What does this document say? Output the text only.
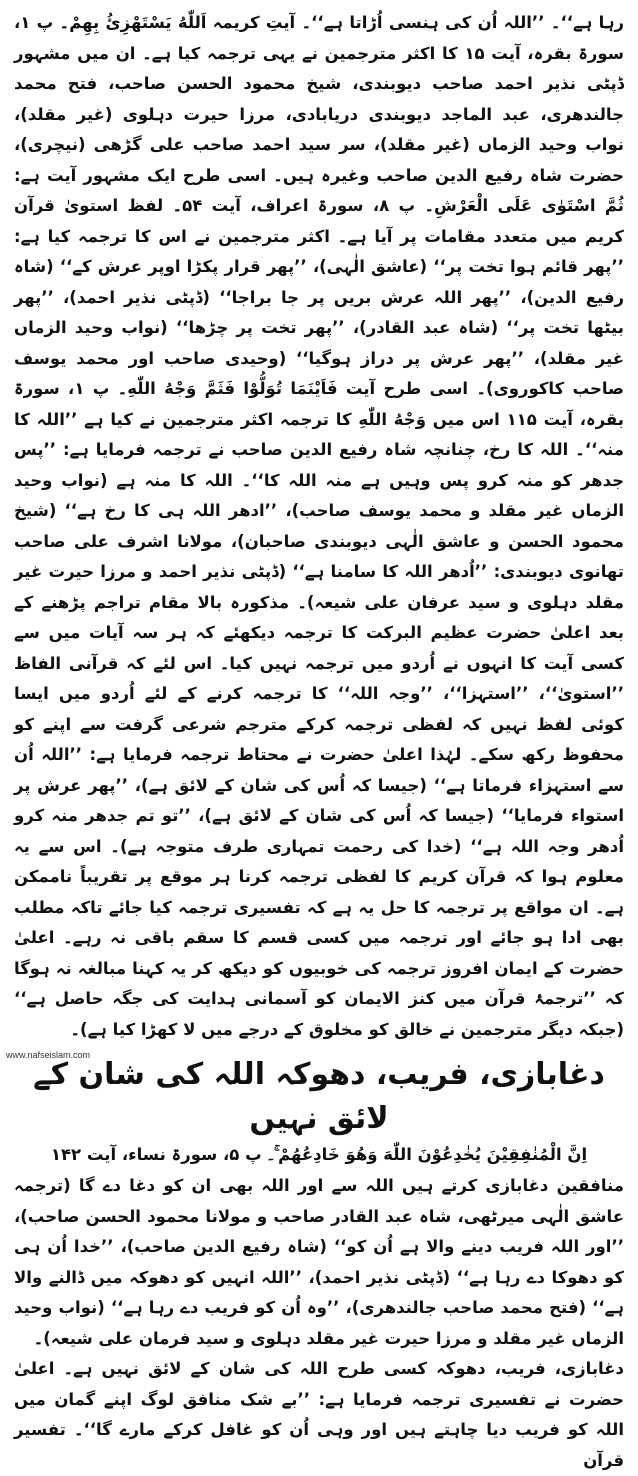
رہا ہے‘‘۔ ’’اللہ اُن کی ہنسی اُڑاتا ہے‘‘۔ آیتِ کریمہ اَللّٰهُ يَسْتَهْزِئُ بِهِمْ۔ پ ۱، سورۃ بقرہ، آیت ۱۵ کا اکثر مترجمین نے یہی ترجمہ کیا ہے۔ ان میں مشہور ڈپٹی نذیر احمد صاحب دیوبندی، شیخ محمود الحسن صاحب، فتح محمد جالندھری، عبد الماجد دیوبندی دریابادی، مرزا حیرت دہلوی (غیر مقلد)، نواب وحید الزماں (غیر مقلد)، سر سید احمد صاحب علی گڑھی (نیچری)، حضرت شاہ رفیع الدین صاحب وغیرہ ہیں۔ اسی طرح ایک مشہور آیت ہے: ثُمَّ اسْتَوٰى عَلَى الْعَرْشِ۔ پ ۸، سورۃ اعراف، آیت ۵۴۔ لفظ استویٰ قرآن کریم میں متعدد مقامات پر آیا ہے۔ اکثر مترجمین نے اس کا ترجمہ کیا ہے: ’’پھر قائم ہوا تخت پر‘‘ (عاشق الٰہی)، ’’پھر قرار پکڑا اوپر عرش کے‘‘ (شاہ رفیع الدین)، ’’پھر اللہ عرش بریں پر جا براجا‘‘ (ڈپٹی نذیر احمد)، ’’پھر بیٹھا تخت پر‘‘ (شاہ عبد القادر)، ’’پھر تخت پر چڑھا‘‘ (نواب وحید الزماں غیر مقلد)، ’’پھر عرش پر دراز ہوگیا‘‘ (وحیدی صاحب اور محمد یوسف صاحب کاکوروی)۔ اسی طرح آیت فَاَيْنَمَا تُوَلُّوْا فَثَمَّ وَجْهُ اللّٰهِ۔ پ ۱، سورۃ بقرہ، آیت ۱۱۵ اس میں وَجْهُ اللّٰهِ کا ترجمہ اکثر مترجمین نے کیا ہے ’’اللہ کا منہ‘‘۔ اللہ کا رخ، چنانچہ شاہ رفیع الدین صاحب نے ترجمہ فرمایا ہے: ’’پس جدھر کو منہ کرو پس وہیں ہے منہ اللہ کا‘‘۔ اللہ کا منہ ہے (نواب وحید الزماں غیر مقلد و محمد یوسف صاحب)، ’’ادھر اللہ ہی کا رخ ہے‘‘ (شیخ محمود الحسن و عاشق الٰہی دیوبندی صاحبان)، مولانا اشرف علی صاحب تھانوی دیوبندی: ’’اُدھر اللہ کا سامنا ہے‘‘ (ڈپٹی نذیر احمد و مرزا حیرت غیر مقلد دہلوی و سید عرفان علی شیعہ)۔ مذکورہ بالا مقام تراجم پڑھنے کے بعد اعلیٰ حضرت عظیم البرکت کا ترجمہ دیکھئے کہ ہر سہ آیات میں سے کسی آیت کا انہوں نے اُردو میں ترجمہ نہیں کیا۔ اس لئے کہ قرآنی الفاظ ’’استویٰ‘‘، ’’استہزا‘‘، ’’وجہ اللہ‘‘ کا ترجمہ کرنے کے لئے اُردو میں ایسا کوئی لفظ نہیں کہ لفظی ترجمہ کرکے مترجم شرعی گرفت سے اپنے کو محفوظ رکھ سکے۔ لہٰذا اعلیٰ حضرت نے محتاط ترجمہ فرمایا ہے: ’’اللہ اُن سے استہزاء فرماتا ہے‘‘ (جیسا کہ اُس کی شان کے لائق ہے)، ’’پھر عرش پر استواء فرمایا‘‘ (جیسا کہ اُس کی شان کے لائق ہے)، ’’تو تم جدھر منہ کرو اُدھر وجہ اللہ ہے‘‘ (خدا کی رحمت تمہاری طرف متوجہ ہے)۔ اس سے یہ معلوم ہوا کہ قرآن کریم کا لفظی ترجمہ کرنا ہر موقع پر تقریباً ناممکن ہے۔ ان مواقع پر ترجمہ کا حل یہ ہے کہ تفسیری ترجمہ کیا جائے تاکہ مطلب بھی ادا ہو جائے اور ترجمہ میں کسی قسم کا سقم باقی نہ رہے۔ اعلیٰ حضرت کے ایمان افروز ترجمہ کی خوبیوں کو دیکھ کر یہ کہنا مبالغہ نہ ہوگا کہ ’’ترجمۂ قرآن میں کنز الایمان کو آسمانی ہدایت کی جگہ حاصل ہے‘‘ (جبکہ دیگر مترجمین نے خالق کو مخلوق کے درجے میں لا کھڑا کیا ہے)۔

دغابازی، فریب، دھوکہ اللہ کی شان کے لائق نہیں

اِنَّ الْمُنٰفِقِيْنَ يُخٰدِعُوْنَ اللّٰهَ وَهُوَ خَادِعُهُمْ ۚ۔ پ ۵، سورۃ نساء، آیت ۱۴۲

منافقین دغابازی کرتے ہیں اللہ سے اور اللہ بھی ان کو دغا دے گا (ترجمہ عاشق الٰہی میرٹھی، شاہ عبد القادر صاحب و مولانا محمود الحسن صاحب)، ’’اور اللہ فریب دینے والا ہے اُن کو‘‘ (شاہ رفیع الدین صاحب)، ’’خدا اُن ہی کو دھوکا دے رہا ہے‘‘ (ڈپٹی نذیر احمد)، ’’اللہ انہیں کو دھوکہ میں ڈالنے والا ہے‘‘ (فتح محمد صاحب جالندھری)، ’’وہ اُن کو فریب دے رہا ہے‘‘ (نواب وحید الزماں غیر مقلد و مرزا حیرت غیر مقلد دہلوی و سید فرمان علی شیعہ)۔

دغابازی، فریب، دھوکہ کسی طرح اللہ کی شان کے لائق نہیں ہے۔ اعلیٰ حضرت نے تفسیری ترجمہ فرمایا ہے: ’’بے شک منافق لوگ اپنے گمان میں اللہ کو فریب دیا چاہتے ہیں اور وہی اُن کو غافل کرکے مارے گا‘‘۔ تفسیر قرآن

www.nafseislam.com
